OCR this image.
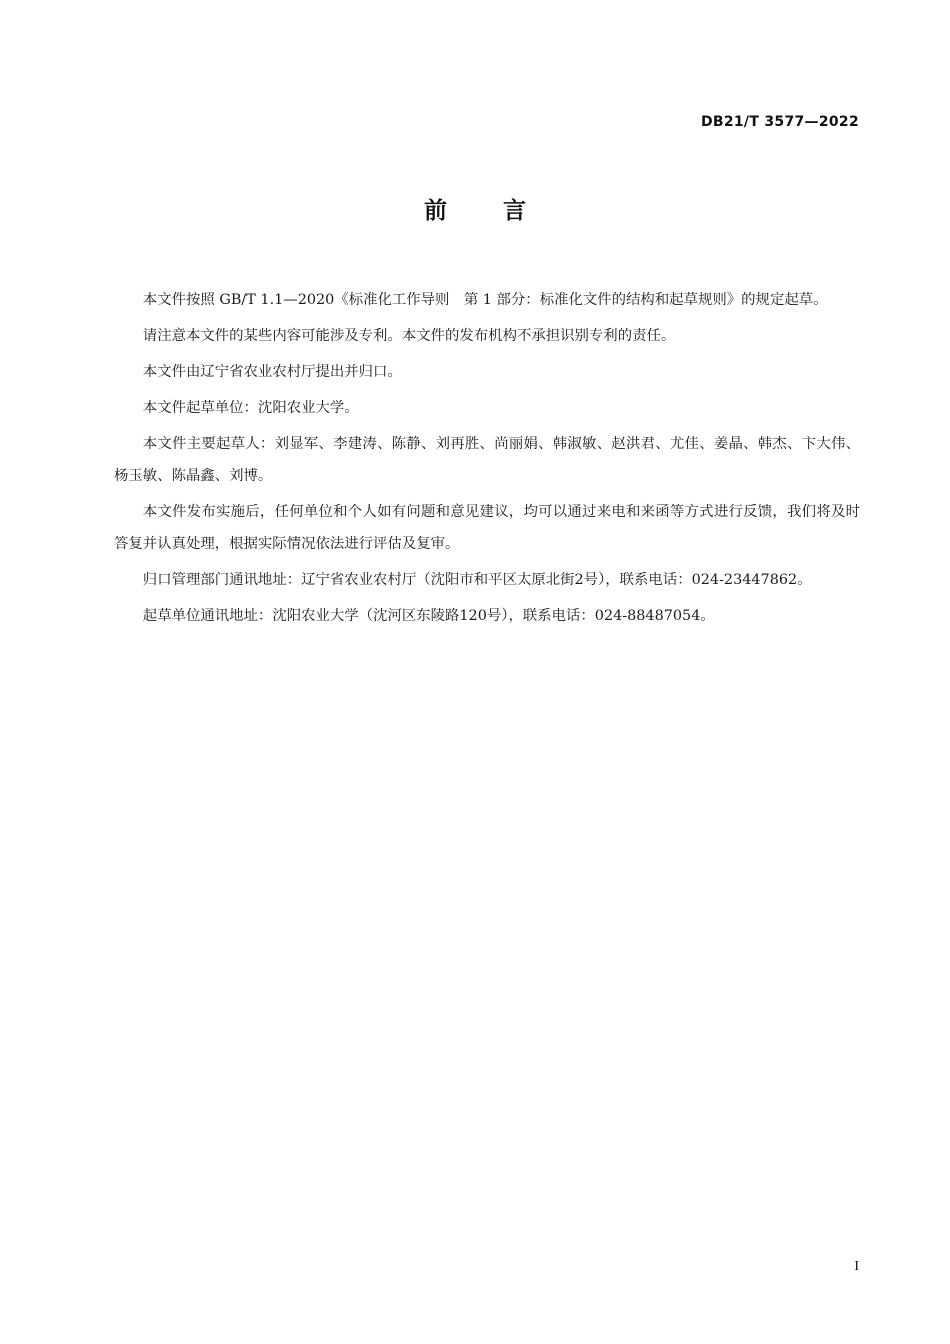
DB21/T 3577—2022
前言

本文件按照 GB/T 1.1—2020《标准化工作导则　第 1 部分：标准化文件的结构和起草规则》的规定起草。

请注意本文件的某些内容可能涉及专利。本文件的发布机构不承担识别专利的责任。

本文件由辽宁省农业农村厅提出并归口。

本文件起草单位：沈阳农业大学。

本文件主要起草人：刘显军、李建涛、陈静、刘再胜、尚丽娟、韩淑敏、赵洪君、尤佳、姜晶、韩杰、卞大伟、杨玉敏、陈晶鑫、刘博。

本文件发布实施后，任何单位和个人如有问题和意见建议，均可以通过来电和来函等方式进行反馈，我们将及时答复并认真处理，根据实际情况依法进行评估及复审。

归口管理部门通讯地址：辽宁省农业农村厅（沈阳市和平区太原北街2号），联系电话：024-23447862。

起草单位通讯地址：沈阳农业大学（沈河区东陵路120号），联系电话：024-88487054。

I
